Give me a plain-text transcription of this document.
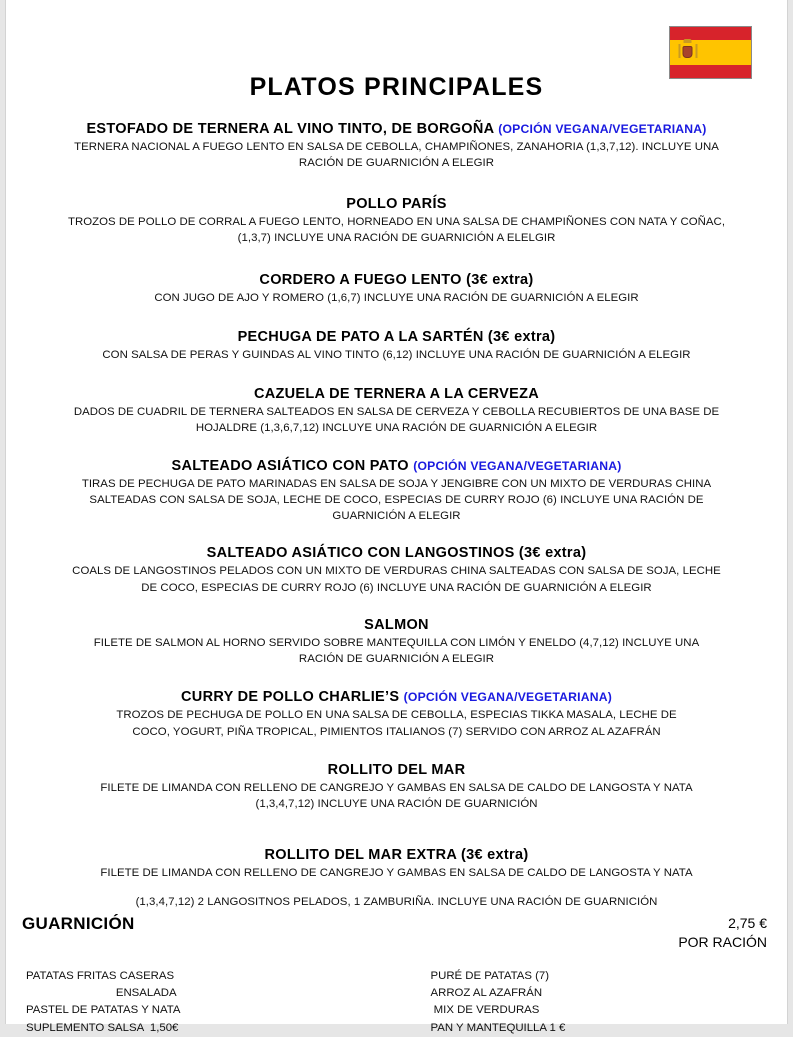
PLATOS PRINCIPALES
ESTOFADO DE TERNERA AL VINO TINTO, DE BORGOÑA (OPCIÓN VEGANA/VEGETARIANA)

TERNERA NACIONAL A FUEGO LENTO EN SALSA DE CEBOLLA, CHAMPIÑONES, ZANAHORIA (1,3,7,12). INCLUYE UNA RACIÓN DE GUARNICIÓN A ELEGIR

POLLO PARÍS

TROZOS DE POLLO DE CORRAL A FUEGO LENTO, HORNEADO EN UNA SALSA DE CHAMPIÑONES CON NATA Y COÑAC, (1,3,7) INCLUYE UNA RACIÓN DE GUARNICIÓN A ELELGIR

CORDERO A FUEGO LENTO (3€ extra)

CON JUGO DE AJO Y ROMERO (1,6,7) INCLUYE UNA RACIÓN DE GUARNICIÓN A ELEGIR

PECHUGA DE PATO A LA SARTÉN (3€ extra)

CON SALSA DE PERAS Y GUINDAS AL VINO TINTO (6,12) INCLUYE UNA RACIÓN DE GUARNICIÓN A ELEGIR

CAZUELA DE TERNERA A LA CERVEZA

DADOS DE CUADRIL DE TERNERA SALTEADOS EN SALSA DE CERVEZA Y CEBOLLA RECUBIERTOS DE UNA BASE DE HOJALDRE (1,3,6,7,12) INCLUYE UNA RACIÓN DE GUARNICIÓN A ELEGIR

SALTEADO ASIÁTICO CON PATO (OPCIÓN VEGANA/VEGETARIANA)

TIRAS DE PECHUGA DE PATO MARINADAS EN SALSA DE SOJA Y JENGIBRE CON UN MIXTO DE VERDURAS CHINA SALTEADAS CON SALSA DE SOJA, LECHE DE COCO, ESPECIAS DE CURRY ROJO (6) INCLUYE UNA RACIÓN DE GUARNICIÓN A ELEGIR

SALTEADO ASIÁTICO CON LANGOSTINOS (3€ extra)

COALS DE LANGOSTINOS PELADOS CON UN MIXTO DE VERDURAS CHINA SALTEADAS CON SALSA DE SOJA, LECHE DE COCO, ESPECIAS DE CURRY ROJO (6) INCLUYE UNA RACIÓN DE GUARNICIÓN A ELEGIR

SALMON

FILETE DE SALMON AL HORNO SERVIDO SOBRE MANTEQUILLA CON LIMÓN Y ENELDO (4,7,12) INCLUYE UNA RACIÓN DE GUARNICIÓN A ELEGIR

CURRY DE POLLO CHARLIE’S (OPCIÓN VEGANA/VEGETARIANA)

TROZOS DE PECHUGA DE POLLO EN UNA SALSA DE CEBOLLA, ESPECIAS TIKKA MASALA, LECHE DE COCO, YOGURT, PIÑA TROPICAL, PIMIENTOS ITALIANOS (7) SERVIDO CON ARROZ AL AZAFRÁN

ROLLITO DEL MAR

FILETE DE LIMANDA CON RELLENO DE CANGREJO Y GAMBAS EN SALSA DE CALDO DE LANGOSTA Y NATA (1,3,4,7,12) INCLUYE UNA RACIÓN DE GUARNICIÓN

ROLLITO DEL MAR EXTRA (3€ extra)

FILETE DE LIMANDA CON RELLENO DE CANGREJO Y GAMBAS EN SALSA DE CALDO DE LANGOSTA Y NATA

(1,3,4,7,12) 2 LANGOSITNOS PELADOS, 1 ZAMBURIÑA. INCLUYE UNA RACIÓN DE GUARNICIÓN

GUARNICIÓN	2,75 €
POR RACIÓN
PATATAS FRITAS CASERAS
ENSALADA
PASTEL DE PATATAS Y NATA
SUPLEMENTO SALSA  1,50€
PURÉ DE PATATAS (7)
ARROZ AL AZAFRÁN
MIX DE VERDURAS
PAN Y MANTEQUILLA 1 €
